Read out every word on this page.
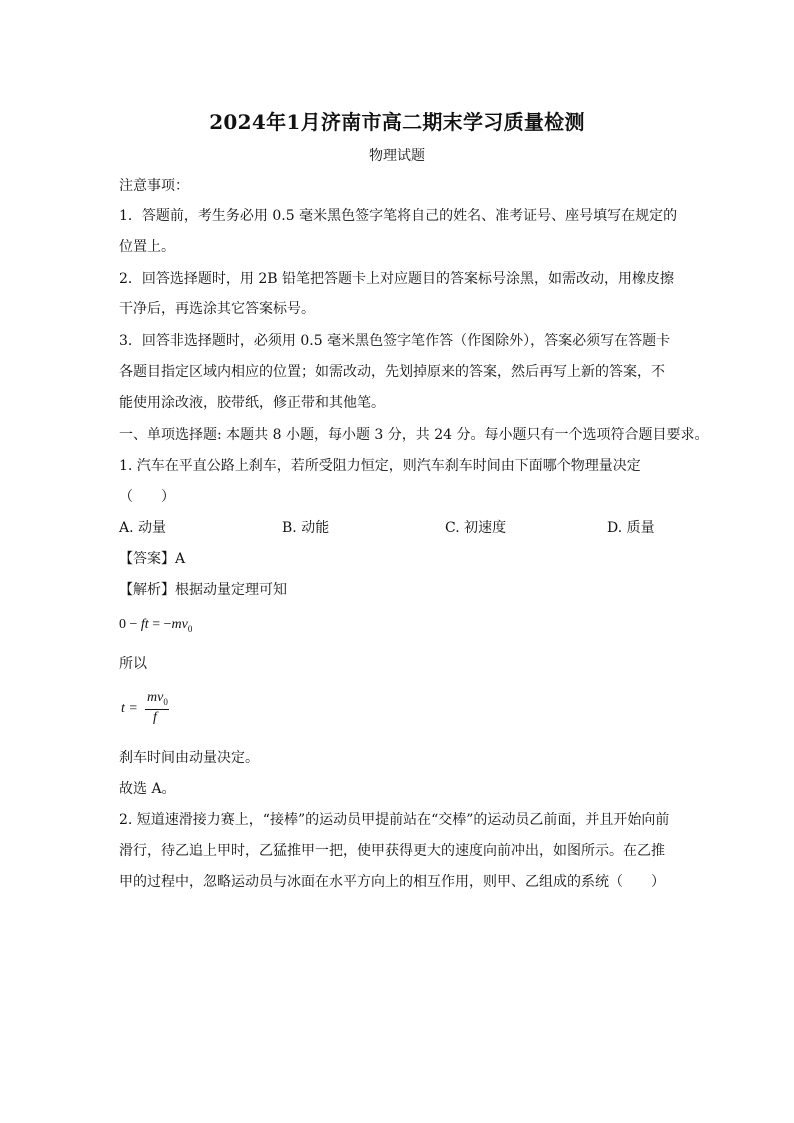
2024年1月济南市高二期末学习质量检测
物理试题
注意事项：
1．答题前，考生务必用 0.5 毫米黑色签字笔将自己的姓名、准考证号、座号填写在规定的
位置上。
2．回答选择题时，用 2B 铅笔把答题卡上对应题目的答案标号涂黑，如需改动，用橡皮擦
干净后，再选涂其它答案标号。
3．回答非选择题时，必须用 0.5 毫米黑色签字笔作答（作图除外），答案必须写在答题卡
各题目指定区域内相应的位置；如需改动，先划掉原来的答案，然后再写上新的答案，不
能使用涂改液，胶带纸，修正带和其他笔。
一、单项选择题: 本题共 8 小题，每小题 3 分，共 24 分。每小题只有一个选项符合题目要求。
1. 汽车在平直公路上刹车，若所受阻力恒定，则汽车刹车时间由下面哪个物理量决定
（　　）
A. 动量	B. 动能	C. 初速度	D. 质量
【答案】A
【解析】根据动量定理可知
0 − ft = $-mv_0$
所以
t =
$mv_0$
f
刹车时间由动量决定。
故选 A。
2. 短道速滑接力赛上，“接棒”的运动员甲提前站在“交棒”的运动员乙前面，并且开始向前
滑行，待乙追上甲时，乙猛推甲一把，使甲获得更大的速度向前冲出，如图所示。在乙推
甲的过程中，忽略运动员与冰面在水平方向上的相互作用，则甲、乙组成的系统（　　）
